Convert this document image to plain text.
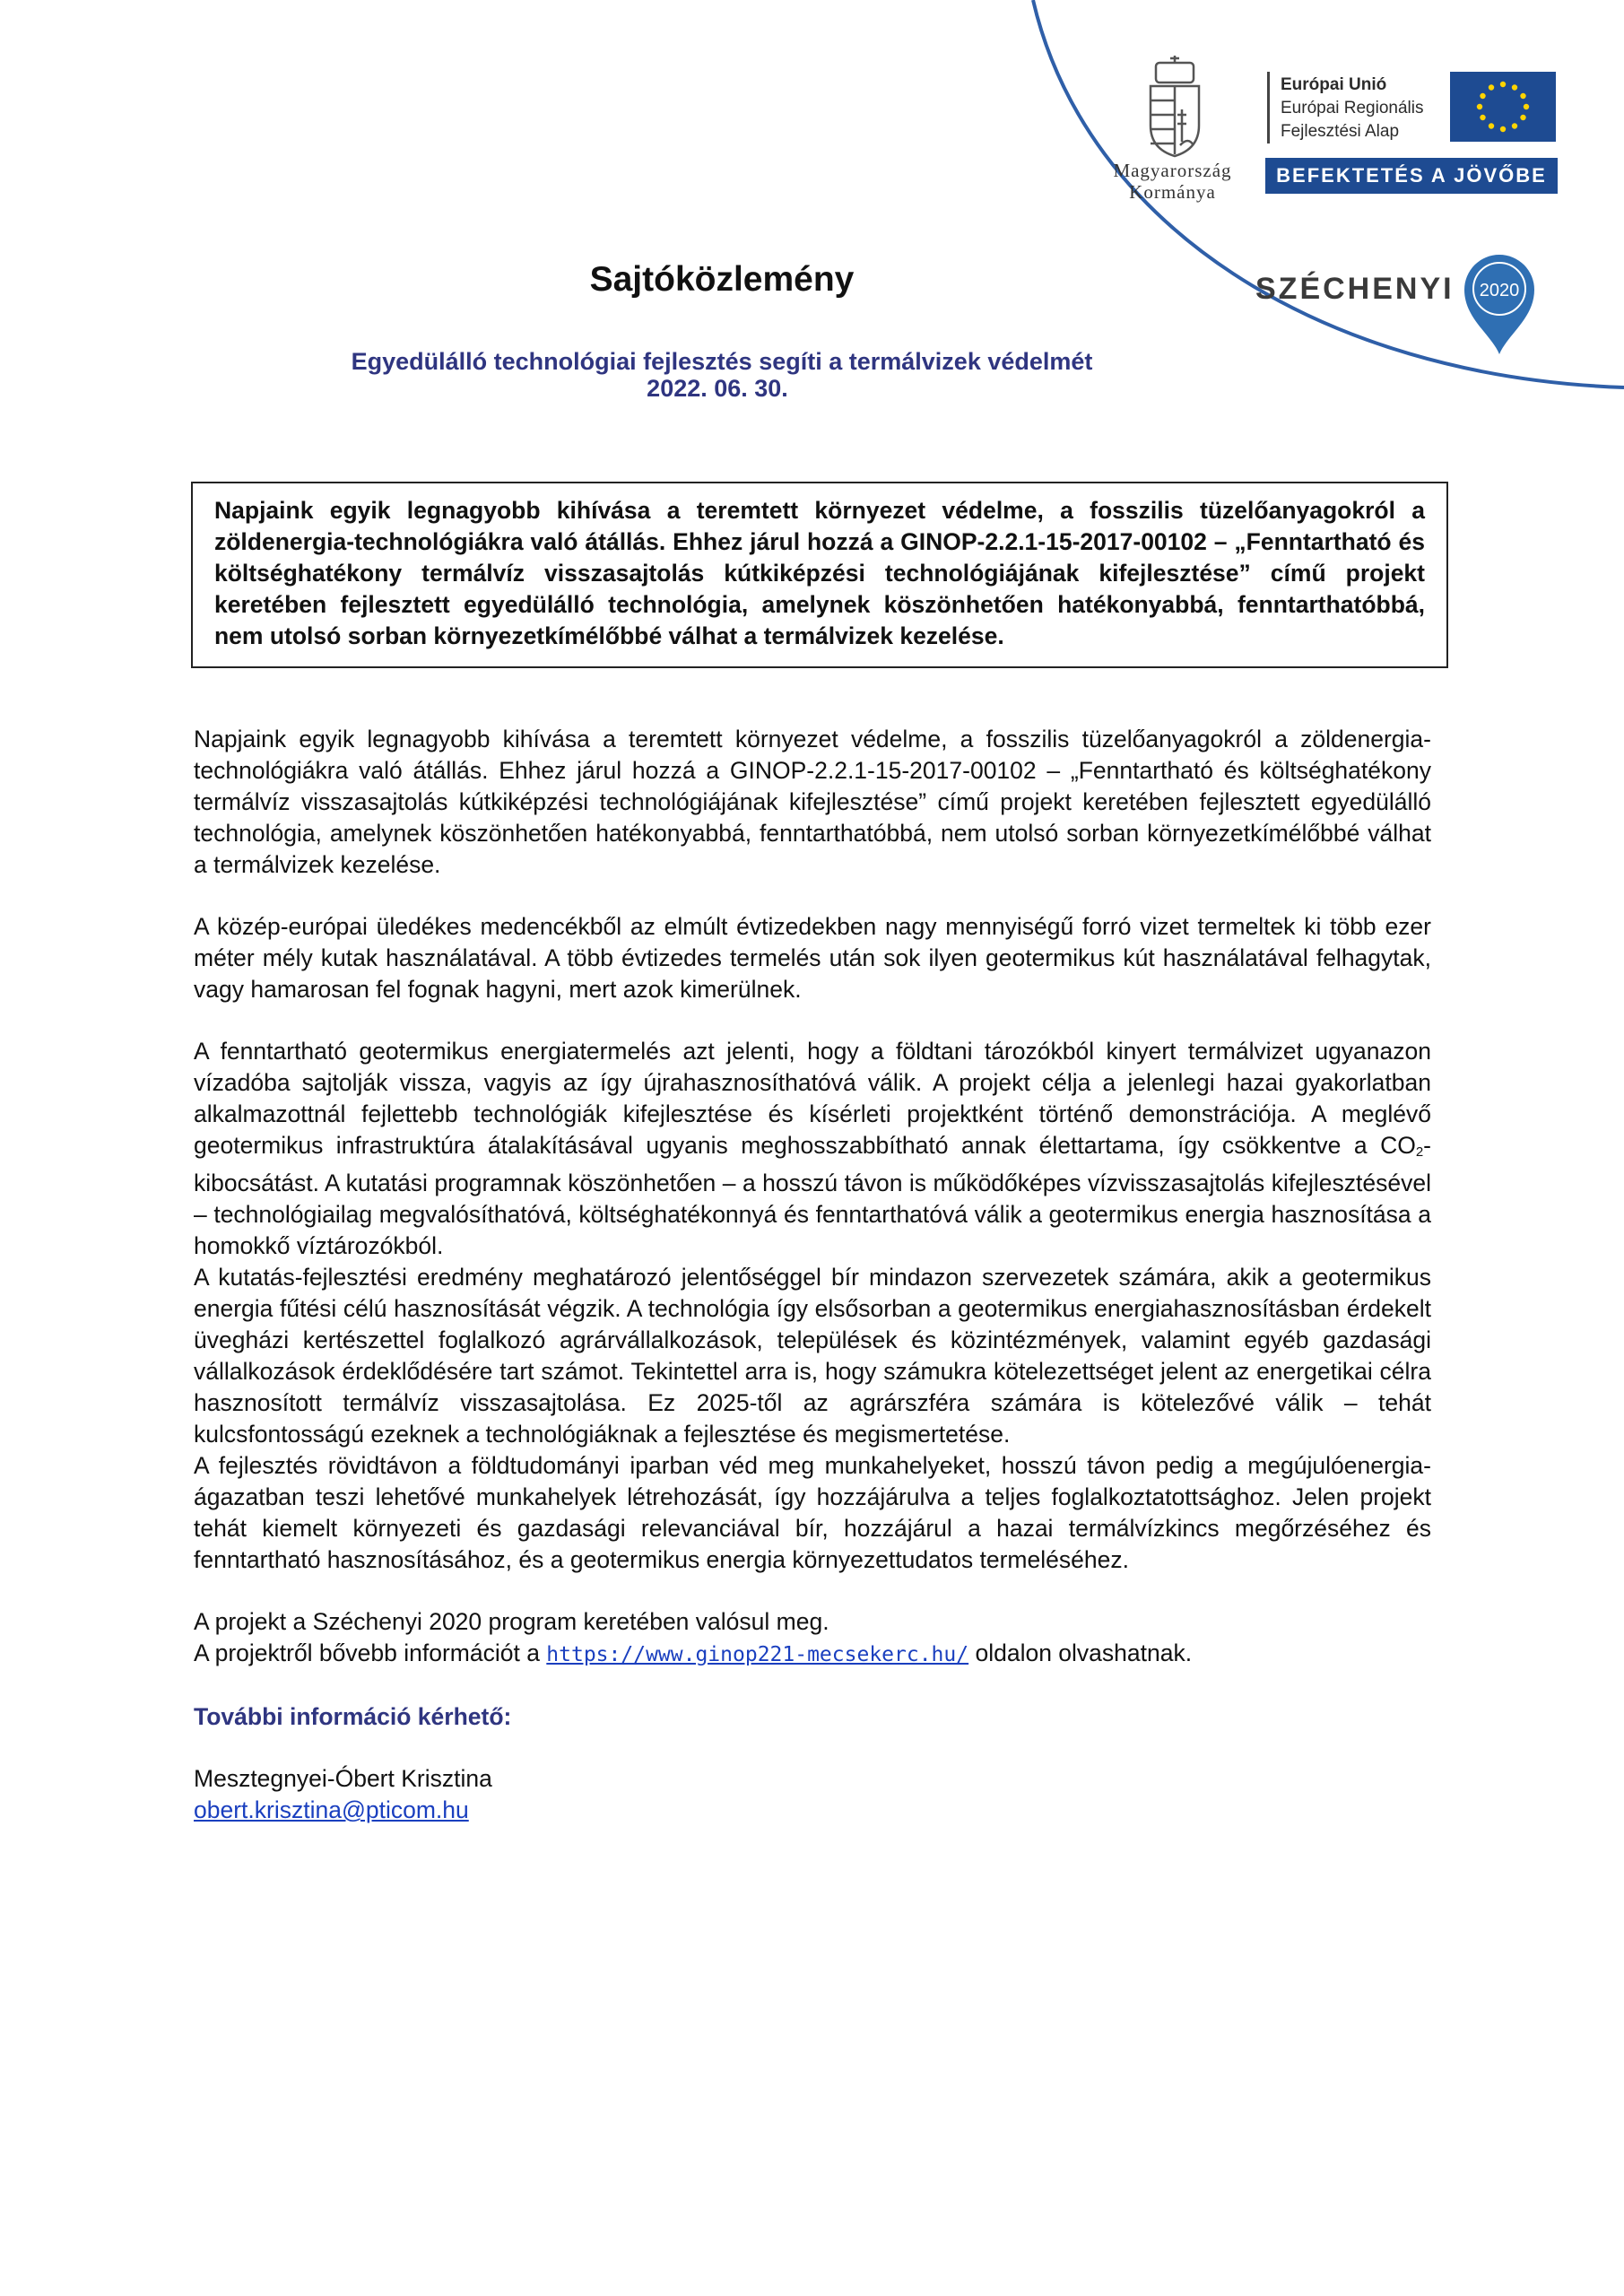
Magyarország
Kormánya
Európai Unió
Európai Regionális
Fejlesztési Alap
BEFEKTETÉS A JÖVŐBE
SZÉCHENYI 2020
Sajtóközlemény
Egyedülálló technológiai fejlesztés segíti a termálvizek védelmét
2022. 06. 30.
Napjaink egyik legnagyobb kihívása a teremtett környezet védelme, a fosszilis tüzelőanyagokról a zöldenergia-technológiákra való átállás. Ehhez járul hozzá a GINOP-2.2.1-15-2017-00102 – „Fenntartható és költséghatékony termálvíz visszasajtolás kútkiképzési technológiájának kifejlesztése” című projekt keretében fejlesztett egyedülálló technológia, amelynek köszönhetően hatékonyabbá, fenntarthatóbbá, nem utolsó sorban környezetkímélőbbé válhat a termálvizek kezelése.

Napjaink egyik legnagyobb kihívása a teremtett környezet védelme, a fosszilis tüzelőanyagokról a zöldenergia-technológiákra való átállás. Ehhez járul hozzá a GINOP-2.2.1-15-2017-00102 – „Fenntartható és költséghatékony termálvíz visszasajtolás kútkiképzési technológiájának kifejlesztése” című projekt keretében fejlesztett egyedülálló technológia, amelynek köszönhetően hatékonyabbá, fenntarthatóbbá, nem utolsó sorban környezetkímélőbbé válhat a termálvizek kezelése.

A közép-európai üledékes medencékből az elmúlt évtizedekben nagy mennyiségű forró vizet termeltek ki több ezer méter mély kutak használatával. A több évtizedes termelés után sok ilyen geotermikus kút használatával felhagytak, vagy hamarosan fel fognak hagyni, mert azok kimerülnek.

A fenntartható geotermikus energiatermelés azt jelenti, hogy a földtani tározókból kinyert termálvizet ugyanazon vízadóba sajtolják vissza, vagyis az így újrahasznosíthatóvá válik. A projekt célja a jelenlegi hazai gyakorlatban alkalmazottnál fejlettebb technológiák kifejlesztése és kísérleti projektként történő demonstrációja. A meglévő geotermikus infrastruktúra átalakításával ugyanis meghosszabbítható annak élettartama, így csökkentve a $CO_2$-kibocsátást. A kutatási programnak köszönhetően – a hosszú távon is működőképes vízvisszasajtolás kifejlesztésével – technológiailag megvalósíthatóvá, költséghatékonnyá és fenntarthatóvá válik a geotermikus energia hasznosítása a homokkő víztározókból.

A kutatás-fejlesztési eredmény meghatározó jelentőséggel bír mindazon szervezetek számára, akik a geotermikus energia fűtési célú hasznosítását végzik. A technológia így elsősorban a geotermikus energiahasznosításban érdekelt üvegházi kertészettel foglalkozó agrárvállalkozások, települések és közintézmények, valamint egyéb gazdasági vállalkozások érdeklődésére tart számot. Tekintettel arra is, hogy számukra kötelezettséget jelent az energetikai célra hasznosított termálvíz visszasajtolása. Ez 2025-től az agrárszféra számára is kötelezővé válik – tehát kulcsfontosságú ezeknek a technológiáknak a fejlesztése és megismertetése.

A fejlesztés rövidtávon a földtudományi iparban véd meg munkahelyeket, hosszú távon pedig a megújulóenergia-ágazatban teszi lehetővé munkahelyek létrehozását, így hozzájárulva a teljes foglalkoztatottsághoz. Jelen projekt tehát kiemelt környezeti és gazdasági relevanciával bír, hozzájárul a hazai termálvízkincs megőrzéséhez és fenntartható hasznosításához, és a geotermikus energia környezettudatos termeléséhez.

A projekt a Széchenyi 2020 program keretében valósul meg.

A projektről bővebb információt a https://www.ginop221-mecsekerc.hu/ oldalon olvashatnak.

További információ kérhető:

Mesztegnyei-Óbert Krisztina

obert.krisztina@pticom.hu
